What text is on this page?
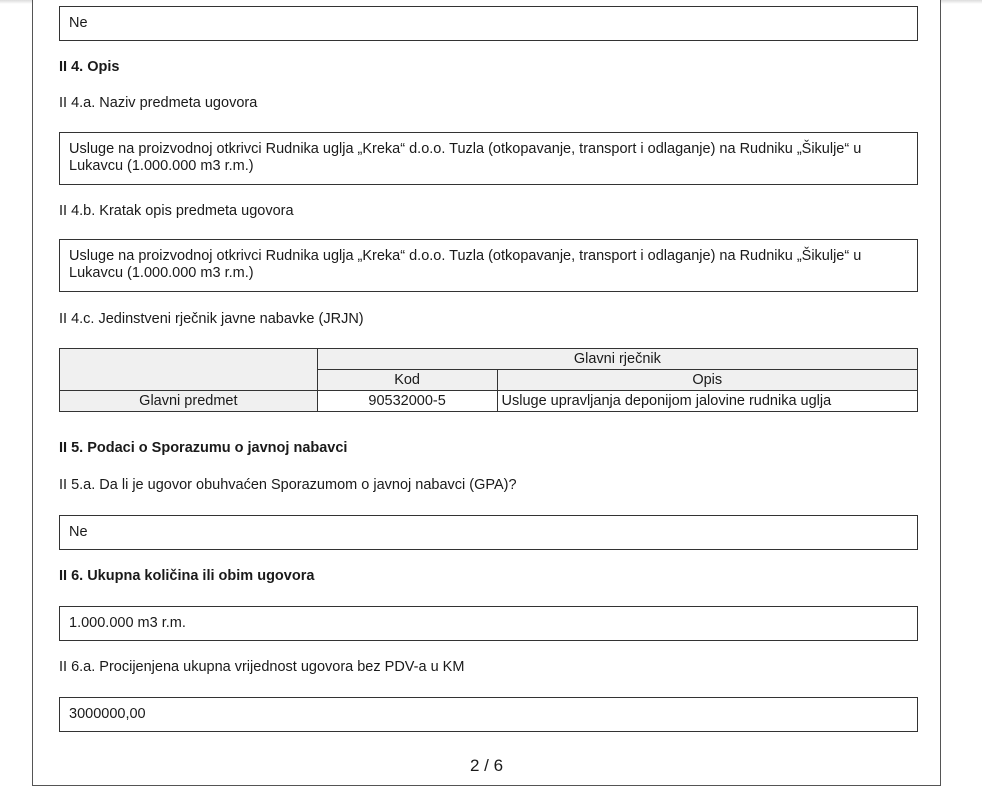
Ne
II 4. Opis
II 4.a. Naziv predmeta ugovora
Usluge na proizvodnoj otkrivci Rudnika uglja „Kreka“ d.o.o. Tuzla (otkopavanje, transport i odlaganje) na Rudniku „Šikulje“ u Lukavcu (1.000.000 m3 r.m.)
II 4.b. Kratak opis predmeta ugovora
Usluge na proizvodnoj otkrivci Rudnika uglja „Kreka“ d.o.o. Tuzla (otkopavanje, transport i odlaganje) na Rudniku „Šikulje“ u Lukavcu (1.000.000 m3 r.m.)
II 4.c. Jedinstveni rječnik javne nabavke (JRJN)
	Glavni rječnik	
	Kod	Opis
Glavni predmet	90532000-5	Usluge upravljanja deponijom jalovine rudnika uglja
II 5. Podaci o Sporazumu o javnoj nabavci
II 5.a. Da li je ugovor obuhvaćen Sporazumom o javnoj nabavci (GPA)?
Ne
II 6. Ukupna količina ili obim ugovora
1.000.000 m3 r.m.
II 6.a. Procijenjena ukupna vrijednost ugovora bez PDV-a u KM
3000000,00
2 / 6
